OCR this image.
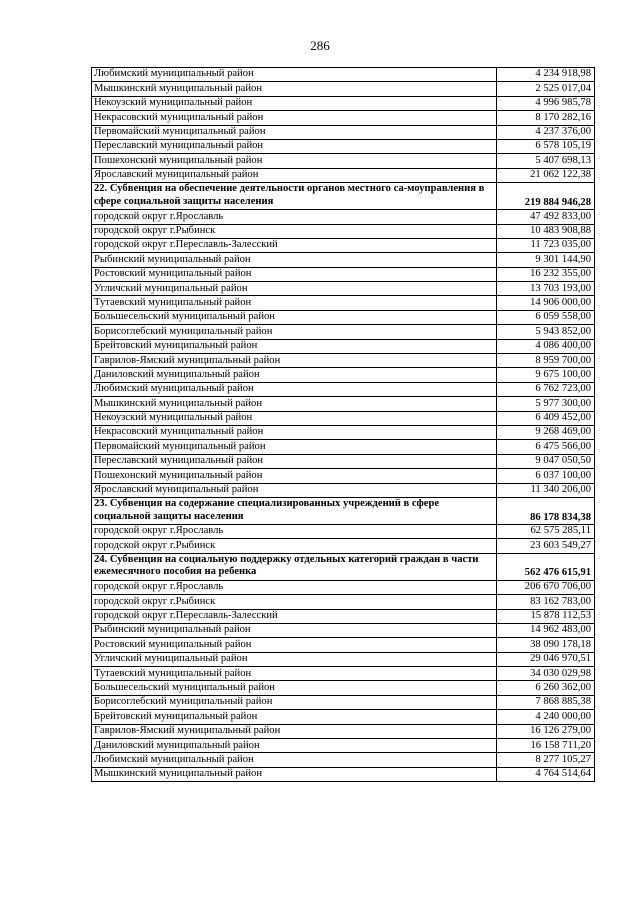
286
Любимский муниципальный район	4 234 918,98
Мышкинский муниципальный район	2 525 017,04
Некоузский муниципальный район	4 996 985,78
Некрасовский муниципальный район	8 170 282,16
Первомайский муниципальный район	4 237 376,00
Переславский муниципальный район	6 578 105,19
Пошехонский муниципальный район	5 407 698,13
Ярославский муниципальный район	21 062 122,38
22. Субвенция на обеспечение деятельности органов местного са-моуправления в сфере социальной защиты населения	219 884 946,28
городской округ г.Ярославль	47 492 833,00
городской округ г.Рыбинск	10 483 908,88
городской округ г.Переславль-Залесский	11 723 035,00
Рыбинский муниципальный район	9 301 144,90
Ростовский муниципальный район	16 232 355,00
Угличский муниципальный район	13 703 193,00
Тутаевский муниципальный район	14 906 000,00
Большесельский муниципальный район	6 059 558,00
Борисоглебский муниципальный район	5 943 852,00
Брейтовский муниципальный район	4 086 400,00
Гаврилов-Ямский муниципальный район	8 959 700,00
Даниловский муниципальный район	9 675 100,00
Любимский муниципальный район	6 762 723,00
Мышкинский муниципальный район	5 977 300,00
Некоузский муниципальный район	6 409 452,00
Некрасовский муниципальный район	9 268 469,00
Первомайский муниципальный район	6 475 566,00
Переславский муниципальный район	9 047 050,50
Пошехонский муниципальный район	6 037 100,00
Ярославский муниципальный район	11 340 206,00
23. Субвенция на содержание специализированных учреждений в сфере социальной защиты населения	86 178 834,38
городской округ г.Ярославль	62 575 285,11
городской округ г.Рыбинск	23 603 549,27
24. Субвенция на социальную поддержку отдельных категорий граждан в части ежемесячного пособия на ребенка	562 476 615,91
городской округ г.Ярославль	206 670 706,00
городской округ г.Рыбинск	83 162 783,00
городской округ г.Переславль-Залесский	15 878 112,53
Рыбинский муниципальный район	14 962 483,00
Ростовский муниципальный район	38 090 178,18
Угличский муниципальный район	29 046 970,51
Тутаевский муниципальный район	34 030 029,98
Большесельский муниципальный район	6 260 362,00
Борисоглебский муниципальный район	7 868 885,38
Брейтовский муниципальный район	4 240 000,00
Гаврилов-Ямский муниципальный район	16 126 279,00
Даниловский муниципальный район	16 158 711,20
Любимский муниципальный район	8 277 105,27
Мышкинский муниципальный район	4 764 514,64
